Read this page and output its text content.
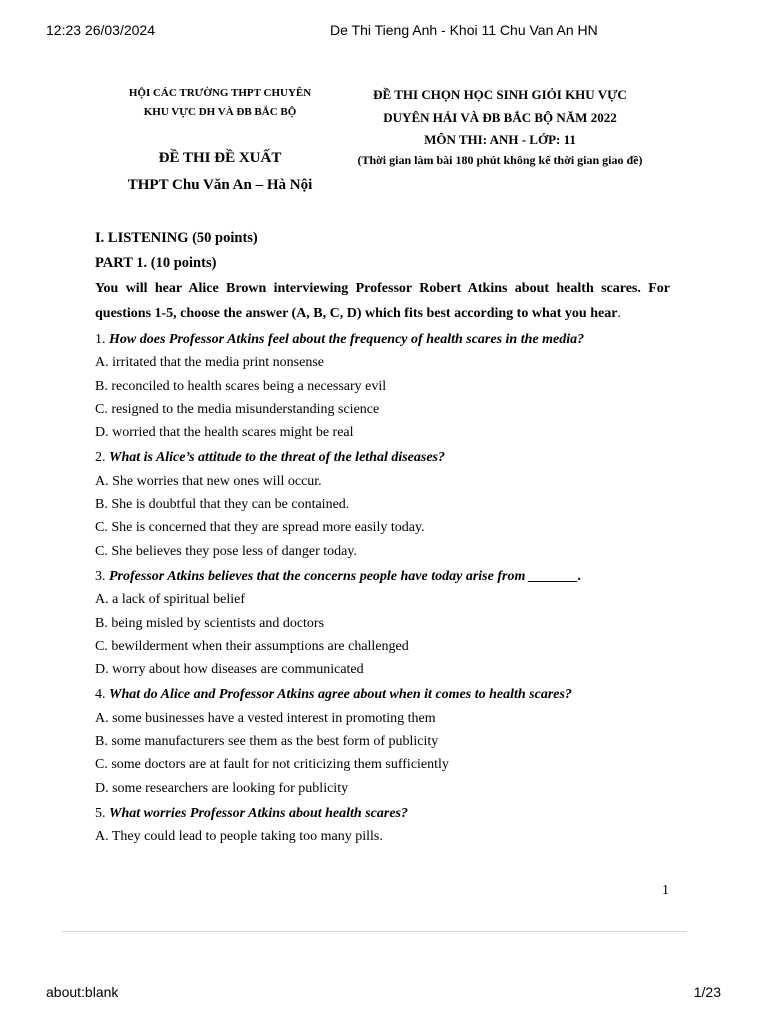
12:23 26/03/2024	De Thi Tieng Anh - Khoi 11 Chu Van An HN
HỘI CÁC TRƯỜNG THPT CHUYÊN
KHU VỰC DH VÀ ĐB BẮC BỘ
ĐỀ THI ĐỀ XUẤT
THPT Chu Văn An – Hà Nội
ĐỀ THI CHỌN HỌC SINH GIỎI KHU VỰC
DUYÊN HẢI VÀ ĐB BẮC BỘ NĂM 2022
MÔN THI: ANH - LỚP: 11
(Thời gian làm bài 180 phút không kể thời gian giao đề)
I. LISTENING (50 points)
PART 1. (10 points)
You will hear Alice Brown interviewing Professor Robert Atkins about health scares. For questions 1-5, choose the answer (A, B, C, D) which fits best according to what you hear.
1. How does Professor Atkins feel about the frequency of health scares in the media?
A. irritated that the media print nonsense
B. reconciled to health scares being a necessary evil
C. resigned to the media misunderstanding science
D. worried that the health scares might be real
2. What is Alice’s attitude to the threat of the lethal diseases?
A. She worries that new ones will occur.
B. She is doubtful that they can be contained.
C. She is concerned that they are spread more easily today.
C. She believes they pose less of danger today.
3. Professor Atkins believes that the concerns people have today arise from _______.
A. a lack of spiritual belief
B. being misled by scientists and doctors
C. bewilderment when their assumptions are challenged
D. worry about how diseases are communicated
4. What do Alice and Professor Atkins agree about when it comes to health scares?
A. some businesses have a vested interest in promoting them
B. some manufacturers see them as the best form of publicity
C. some doctors are at fault for not criticizing them sufficiently
D. some researchers are looking for publicity
5. What worries Professor Atkins about health scares?
A. They could lead to people taking too many pills.
1
about:blank	1/23
